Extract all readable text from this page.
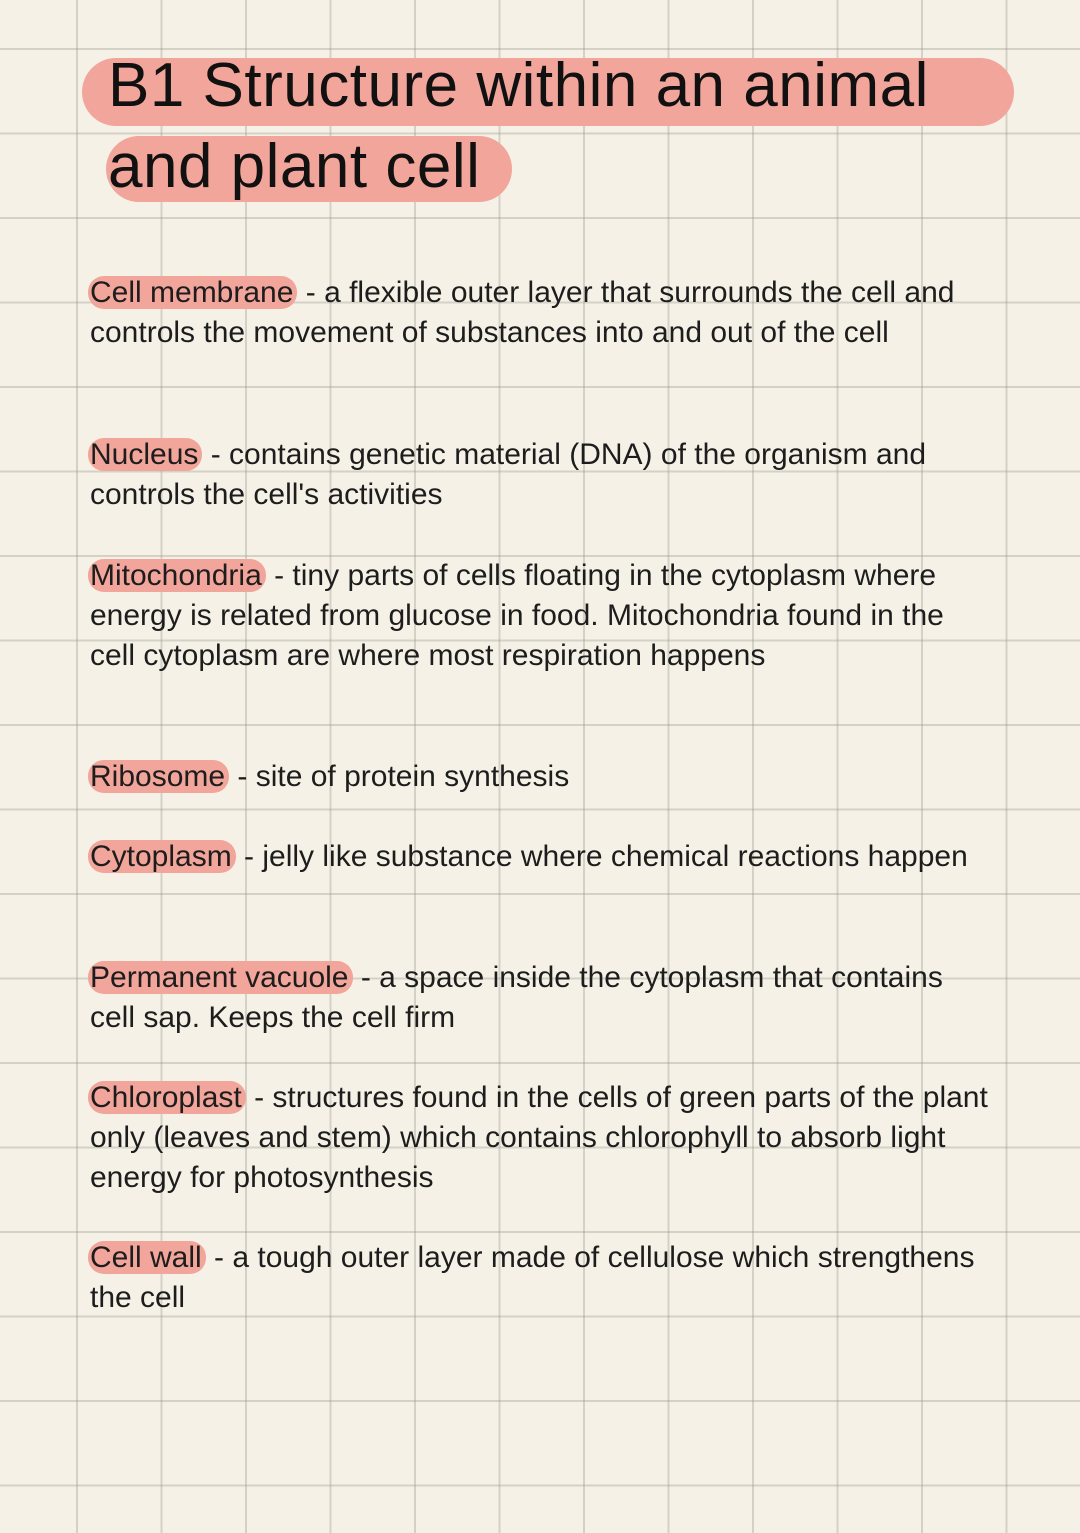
B1 Structure within an animal
and plant cell
Cell membrane - a flexible outer layer that surrounds the cell and controls the movement of substances into and out of the cell
Nucleus - contains genetic material (DNA) of the organism and controls the cell's activities
Mitochondria - tiny parts of cells floating in the cytoplasm where energy is related from glucose in food. Mitochondria found in the cell cytoplasm are where most respiration happens
Ribosome - site of protein synthesis
Cytoplasm - jelly like substance where chemical reactions happen
Permanent vacuole - a space inside the cytoplasm that contains cell sap. Keeps the cell firm
Chloroplast - structures found in the cells of green parts of the plant only (leaves and stem) which contains chlorophyll to absorb light energy for photosynthesis
Cell wall - a tough outer layer made of cellulose which strengthens the cell
